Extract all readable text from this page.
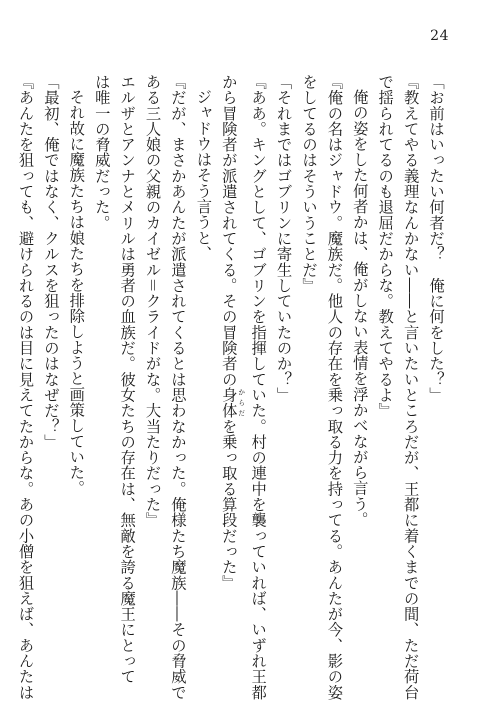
24
「お前はいったい何者だ？　俺に何をした？」
『教えてやる義理なんかない――と言いたいところだが、王都に着くまでの間、ただ荷台
で揺られてるのも退屈だからな。教えてやるよ』
俺の姿をした何者かは、俺がしない表情を浮かべながら言う。
『俺の名はジャドウ。魔族だ。他人の存在を乗っ取る力を持ってる。あんたが今、影の姿
をしてるのはそういうことだ』
「それまではゴブリンに寄生していたのか？」
『ああ。キングとして、ゴブリンを指揮していた。村の連中を襲っていれば、いずれ王都
から冒険者が派遣されてくる。その冒険者の身体 からだを乗っ取る算段だった』
ジャドウはそう言うと、
『だが、まさかあんたが派遣されてくるとは思わなかった。俺様たち魔族――その脅威で
ある三人娘の父親のカイゼル＝クライドがな。大当たりだった』
エルザとアンナとメリルは勇者の血族だ。彼女たちの存在は、無敵を誇る魔王にとって
は唯一の脅威だった。
それ故に魔族たちは娘たちを排除しようと画策していた。
「最初、俺ではなく、クルスを狙ったのはなぜだ？」
『あんたを狙っても、避けられるのは目に見えてたからな。あの小僧を狙えば、あんたは
